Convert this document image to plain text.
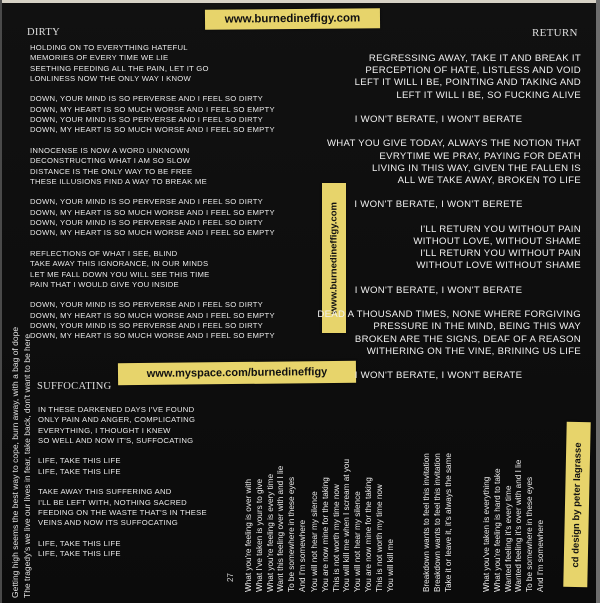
DIRTY	RETURN
SUFFOCATING
www.burnedineffigy.com
www.burnedineffigy.com
www.myspace.com/burnedineffigy
cd design by peter lagrasse
HOLDING ON TO EVERYTHING HATEFUL
MEMORIES OF EVERY TIME WE LIE
SEETHING FEEDING ALL THE PAIN, LET IT GO
LONLINESS NOW THE ONLY WAY I KNOW

DOWN, YOUR MIND IS SO PERVERSE AND I FEEL SO DIRTY
DOWN, MY HEART IS SO MUCH WORSE AND I FEEL SO EMPTY
DOWN, YOUR MIND IS SO PERVERSE AND I FEEL SO DIRTY
DOWN, MY HEART IS SO MUCH WORSE AND I FEEL SO EMPTY

INNOCENSE IS NOW A WORD UNKNOWN
DECONSTRUCTING WHAT I AM SO SLOW
DISTANCE IS THE ONLY WAY TO BE FREE
THESE ILLUSIONS FIND A WAY TO BREAK ME

DOWN, YOUR MIND IS SO PERVERSE AND I FEEL SO DIRTY
DOWN, MY HEART IS SO MUCH WORSE AND I FEEL SO EMPTY
DOWN, YOUR MIND IS SO PERVERSE AND I FEEL SO DIRTY
DOWN, MY HEART IS SO MUCH WORSE AND I FEEL SO EMPTY

REFLECTIONS OF WHAT I SEE, BLIND
TAKE AWAY THIS IGNORANCE, IN OUR MINDS
LET ME FALL DOWN YOU WILL SEE THIS TIME
PAIN THAT I WOULD GIVE YOU INSIDE

DOWN, YOUR MIND IS SO PERVERSE AND I FEEL SO DIRTY
DOWN, MY HEART IS SO MUCH WORSE AND I FEEL SO EMPTY
DOWN, YOUR MIND IS SO PERVERSE AND I FEEL SO DIRTY
DOWN, MY HEART IS SO MUCH WORSE AND I FEEL SO EMPTY
REGRESSING AWAY, TAKE IT AND BREAK IT
PERCEPTION OF HATE, LISTLESS AND VOID
LEFT IT WILL I BE, POINTING AND TAKING AND
LEFT IT WILL I BE, SO FUCKING ALIVE

I WON'T BERATE, I WON'T BERATE

WHAT YOU GIVE TODAY, ALWAYS THE NOTION THAT
EVRYTIME WE PRAY, PAYING FOR DEATH
LIVING IN THIS WAY, GIVEN THE FALLEN IS
ALL WE TAKE AWAY, BROKEN TO LIFE

I WON'T BERATE, I WON'T BERETE

I'LL RETURN YOU WITHOUT PAIN
WITHOUT LOVE, WITHOUT SHAME
I'LL RETURN YOU WITHOUT PAIN
WITHOUT LOVE WITHOUT SHAME

I WON'T BERATE, I WON'T BERATE

DEAD A THOUSAND TIMES, NONE WHERE FORGIVING
PRESSURE IN THE MIND, BEING THIS WAY
BROKEN ARE THE SIGNS, DEAF OF A REASON
WITHERING ON THE VINE, BRINING US LIFE

I WON'T BERATE, I WON'T BERATE
IN THESE DARKENED DAYS I'VE FOUND
ONLY PAIN AND ANGER, COMPLICATING
EVERYTHING, I THOUGHT I KNEW
SO WELL AND NOW IT'S, SUFFOCATING

LIFE, TAKE THIS LIFE
LIFE, TAKE THIS LIFE

TAKE AWAY THIS SUFFERING AND
I'LL BE LEFT WITH, NOTHING SACRED
FEEDING ON THE WASTE THAT'S IN THESE
VEINS AND NOW ITS SUFFOCATING

LIFE, TAKE THIS LIFE
LIFE, TAKE THIS LIFE
Getting high seems the best way to cope, burn away, with a bag of dope The tragedy's we live our lives in fear, take back, don't want to be here	27 What you're feeling is over with What I've taken is yours to give What you're feeling is every time Want this feeling over with and I lie To be somewhere in these eyes And I'm somewhere You will not hear my silence You are now mine for the taking This is not worth my time now You will kill me when I scream at you You will not hear my silence You are now mine for the taking This is not worth my time now You will kill me	Breakdown wants to feel this invitation Breakdown wants to feel this invitation Take it or leave it, it's always the same	What you've taken is everything What you're feeling is hard to take Wanted feeling it's every time Wanted feeling it's over with and I lie To be somewhere in these eyes And I'm somewhere
